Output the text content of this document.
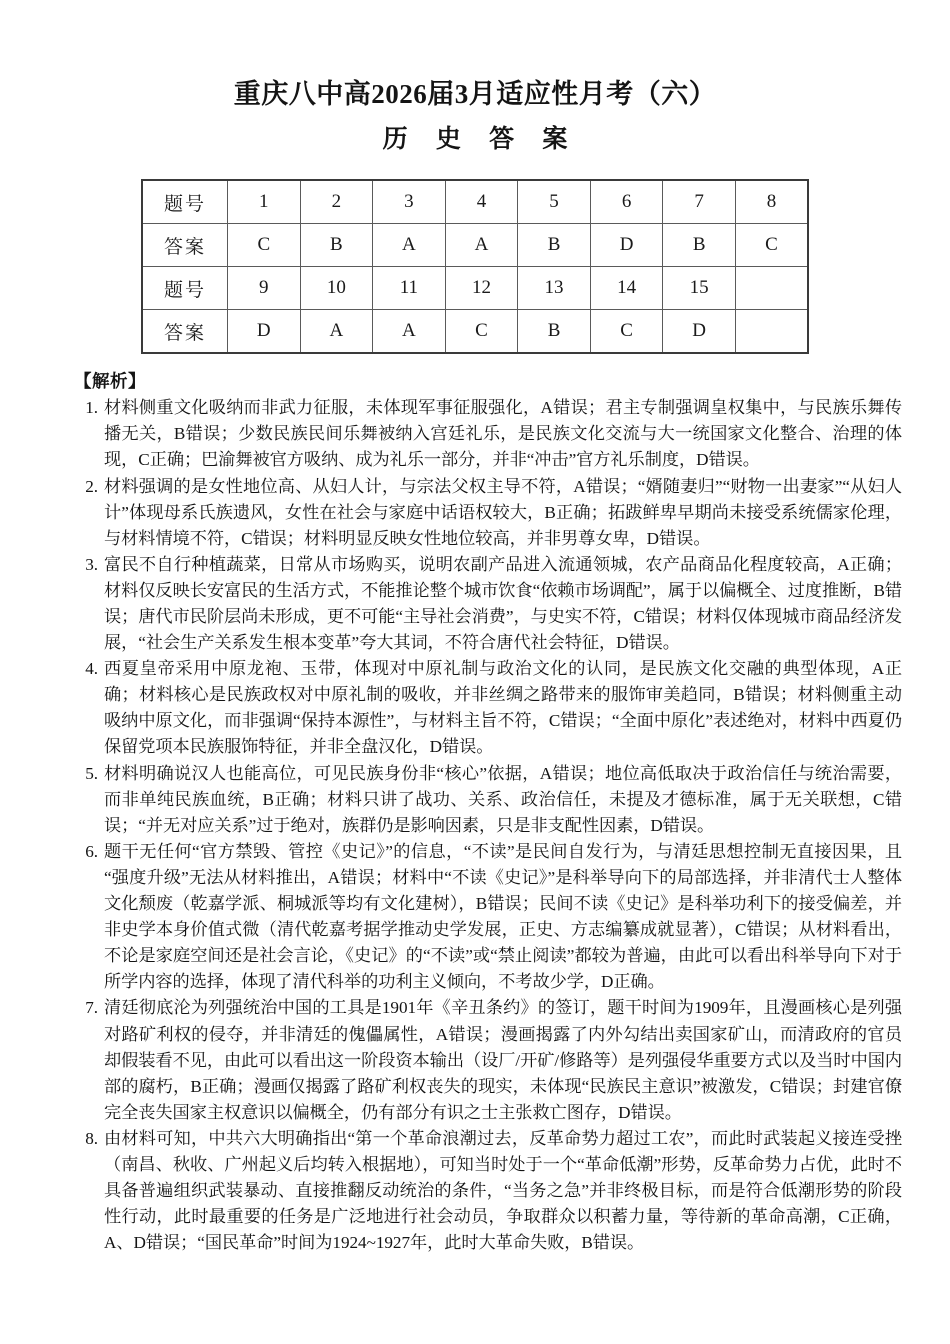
重庆八中高2026届3月适应性月考（六）
历 史 答 案
题号	1	2	3	4	5	6	7	8
答案	C	B	A	A	B	D	B	C
题号	9	10	11	12	13	14	15	
答案	D	A	A	C	B	C	D	
【解析】
1. 材料侧重文化吸纳而非武力征服，未体现军事征服强化，A错误；君主专制强调皇权集中，与民族乐舞传播无关，B错误；少数民族民间乐舞被纳入宫廷礼乐，是民族文化交流与大一统国家文化整合、治理的体现，C正确；巴渝舞被官方吸纳、成为礼乐一部分，并非“冲击”官方礼乐制度，D错误。
2. 材料强调的是女性地位高、从妇人计，与宗法父权主导不符，A错误；“婿随妻归”“财物一出妻家”“从妇人计”体现母系氏族遗风，女性在社会与家庭中话语权较大，B正确；拓跋鲜卑早期尚未接受系统儒家伦理，与材料情境不符，C错误；材料明显反映女性地位较高，并非男尊女卑，D错误。
3. 富民不自行种植蔬菜，日常从市场购买，说明农副产品进入流通领城，农产品商品化程度较高，A正确；材料仅反映长安富民的生活方式，不能推论整个城市饮食“依赖市场调配”，属于以偏概全、过度推断，B错误；唐代市民阶层尚未形成，更不可能“主导社会消费”，与史实不符，C错误；材料仅体现城市商品经济发展，“社会生产关系发生根本变革”夸大其词，不符合唐代社会特征，D错误。
4. 西夏皇帝采用中原龙袍、玉带，体现对中原礼制与政治文化的认同，是民族文化交融的典型体现，A正确；材料核心是民族政权对中原礼制的吸收，并非丝绸之路带来的服饰审美趋同，B错误；材料侧重主动吸纳中原文化，而非强调“保持本源性”，与材料主旨不符，C错误；“全面中原化”表述绝对，材料中西夏仍保留党项本民族服饰特征，并非全盘汉化，D错误。
5. 材料明确说汉人也能高位，可见民族身份非“核心”依据，A错误；地位高低取决于政治信任与统治需要，而非单纯民族血统，B正确；材料只讲了战功、关系、政治信任，未提及才德标准，属于无关联想，C错误；“并无对应关系”过于绝对，族群仍是影响因素，只是非支配性因素，D错误。
6. 题干无任何“官方禁毁、管控《史记》”的信息，“不读”是民间自发行为，与清廷思想控制无直接因果，且“强度升级”无法从材料推出，A错误；材料中“不读《史记》”是科举导向下的局部选择，并非清代士人整体文化颓废（乾嘉学派、桐城派等均有文化建树），B错误；民间不读《史记》是科举功利下的接受偏差，并非史学本身价值式微（清代乾嘉考据学推动史学发展，正史、方志编纂成就显著），C错误；从材料看出，不论是家庭空间还是社会言论，《史记》的“不读”或“禁止阅读”都较为普遍，由此可以看出科举导向下对于所学内容的选择，体现了清代科举的功利主义倾向，不考故少学，D正确。
7. 清廷彻底沦为列强统治中国的工具是1901年《辛丑条约》的签订，题干时间为1909年，且漫画核心是列强对路矿利权的侵夺，并非清廷的傀儡属性，A错误；漫画揭露了内外勾结出卖国家矿山，而清政府的官员却假装看不见，由此可以看出这一阶段资本输出（设厂/开矿/修路等）是列强侵华重要方式以及当时中国内部的腐朽，B正确；漫画仅揭露了路矿利权丧失的现实，未体现“民族民主意识”被激发，C错误；封建官僚完全丧失国家主权意识以偏概全，仍有部分有识之士主张救亡图存，D错误。
8. 由材料可知，中共六大明确指出“第一个革命浪潮过去，反革命势力超过工农”，而此时武装起义接连受挫（南昌、秋收、广州起义后均转入根据地），可知当时处于一个“革命低潮”形势，反革命势力占优，此时不具备普遍组织武装暴动、直接推翻反动统治的条件，“当务之急”并非终极目标，而是符合低潮形势的阶段性行动，此时最重要的任务是广泛地进行社会动员，争取群众以积蓄力量，等待新的革命高潮，C正确，A、D错误；“国民革命”时间为1924~1927年，此时大革命失败，B错误。
